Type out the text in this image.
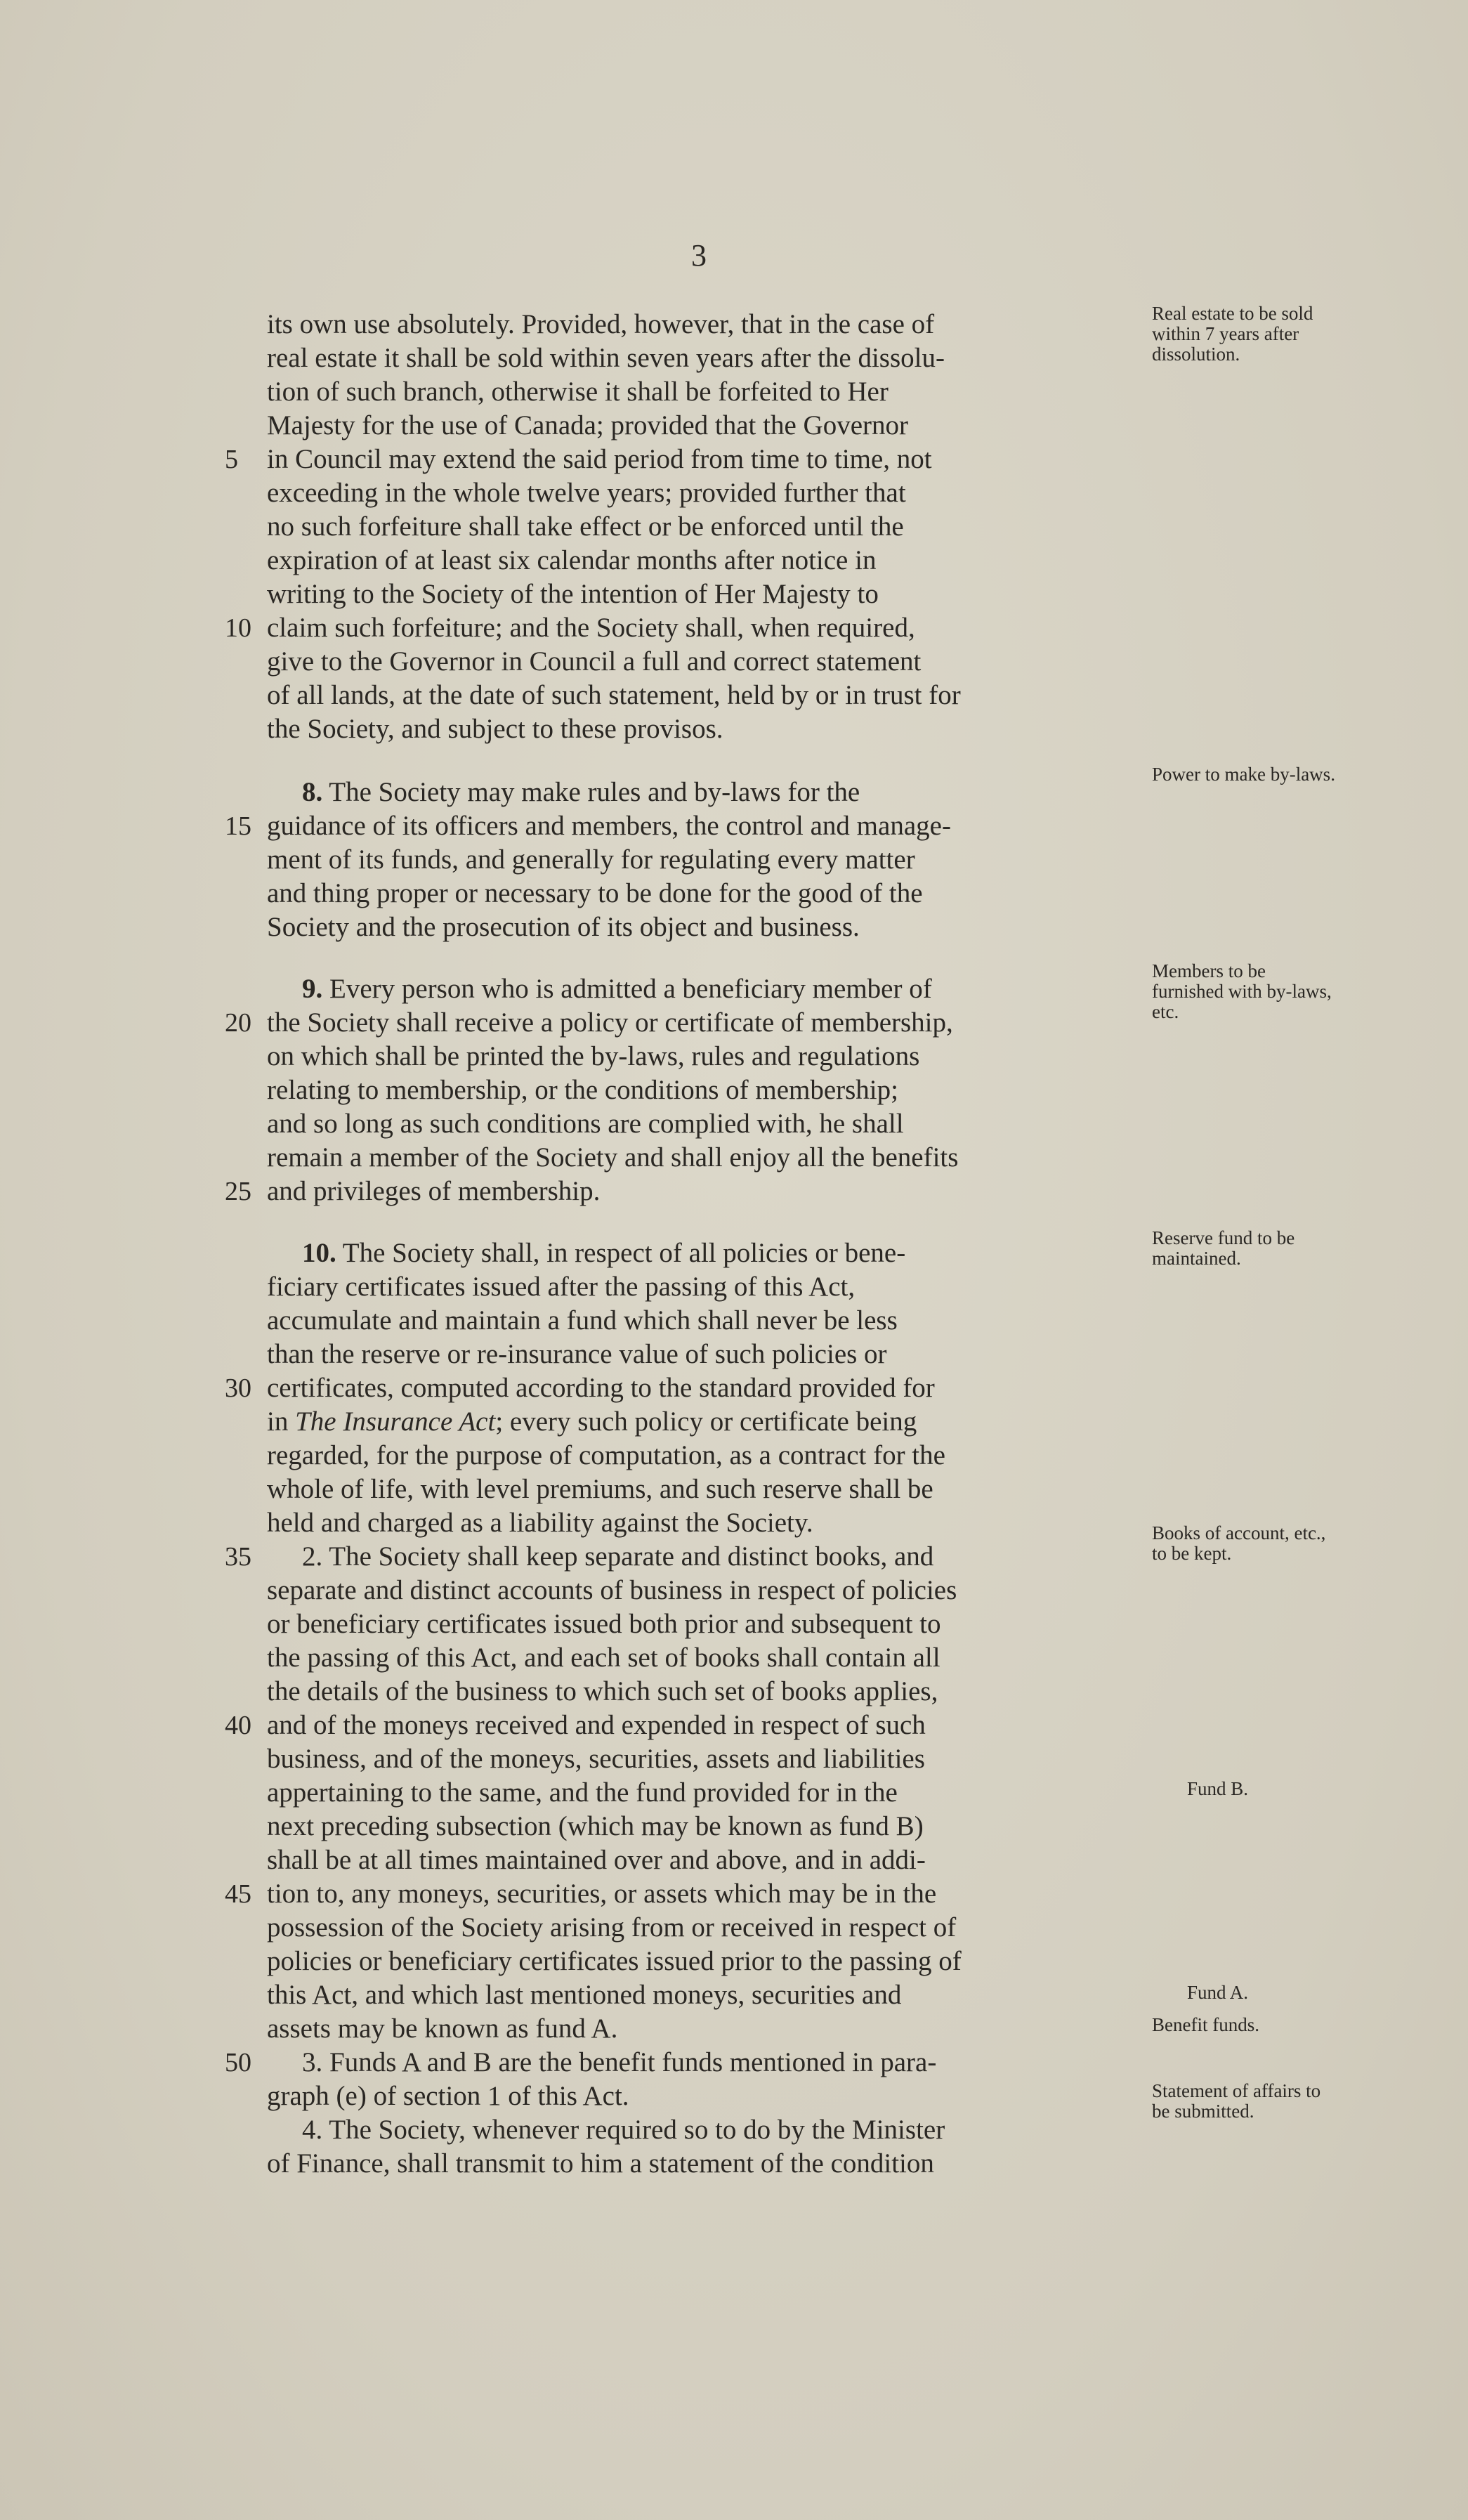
3
its own use absolutely. Provided, however, that in the case of
real estate it shall be sold within seven years after the dissolu-
tion of such branch, otherwise it shall be forfeited to Her
Majesty for the use of Canada; provided that the Governor
5	in Council may extend the said period from time to time, not
exceeding in the whole twelve years; provided further that
no such forfeiture shall take effect or be enforced until the
expiration of at least six calendar months after notice in
writing to the Society of the intention of Her Majesty to
10 claim such forfeiture; and the Society shall, when required,
give to the Governor in Council a full and correct statement
of all lands, at the date of such statement, held by or in trust for
the Society, and subject to these provisos.
8. The Society may make rules and by-laws for the
15 guidance of its officers and members, the control and manage-
ment of its funds, and generally for regulating every matter
and thing proper or necessary to be done for the good of the
Society and the prosecution of its object and business.
9. Every person who is admitted a beneficiary member of
20 the Society shall receive a policy or certificate of membership,
on which shall be printed the by-laws, rules and regulations
relating to membership, or the conditions of membership;
and so long as such conditions are complied with, he shall
remain a member of the Society and shall enjoy all the benefits
25 and privileges of membership.
10. The Society shall, in respect of all policies or bene-
ficiary certificates issued after the passing of this Act,
accumulate and maintain a fund which shall never be less
than the reserve or re-insurance value of such policies or
30 certificates, computed according to the standard provided for
in The Insurance Act; every such policy or certificate being
regarded, for the purpose of computation, as a contract for the
whole of life, with level premiums, and such reserve shall be
held and charged as a liability against the Society.
35	2. The Society shall keep separate and distinct books, and
separate and distinct accounts of business in respect of policies
or beneficiary certificates issued both prior and subsequent to
the passing of this Act, and each set of books shall contain all
the details of the business to which such set of books applies,
40 and of the moneys received and expended in respect of such
business, and of the moneys, securities, assets and liabilities
appertaining to the same, and the fund provided for in the
next preceding subsection (which may be known as fund B)
shall be at all times maintained over and above, and in addi-
45 tion to, any moneys, securities, or assets which may be in the
possession of the Society arising from or received in respect of
policies or beneficiary certificates issued prior to the passing of
this Act, and which last mentioned moneys, securities and
assets may be known as fund A.
50	3. Funds A and B are the benefit funds mentioned in para-
graph (e) of section 1 of this Act.
4. The Society, whenever required so to do by the Minister
of Finance, shall transmit to him a statement of the condition
Real estate to be sold within 7 years after dissolution.
Power to make by-laws.
Members to be furnished with by-laws, etc.
Reserve fund to be maintained.
Books of account, etc., to be kept.
Fund B.
Fund A.
Benefit funds.
Statement of affairs to be submitted.
